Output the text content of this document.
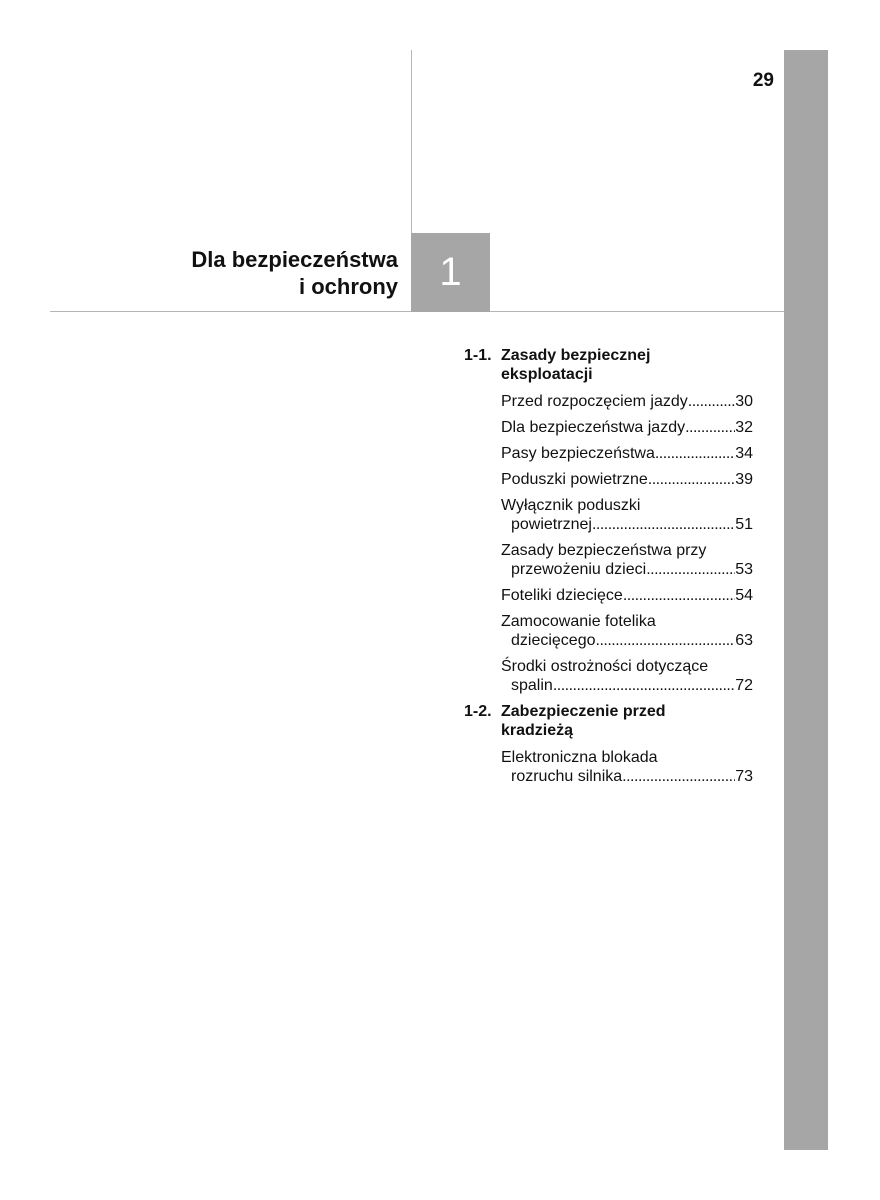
29
1
Dla bezpieczeństwa
i ochrony
1-1. Zasady bezpiecznej
eksploatacji
Przed rozpoczęciem jazdy .....	30
Dla bezpieczeństwa jazdy .....	32
Pasy bezpieczeństwa .....	34
Poduszki powietrzne .....	39
Wyłącznik poduszki
powietrznej .....	51
Zasady bezpieczeństwa przy
przewożeniu dzieci .....	53
Foteliki dziecięce .....	54
Zamocowanie fotelika
dziecięcego .....	63
Środki ostrożności dotyczące
spalin .....	72
1-2. Zabezpieczenie przed
kradzieżą
Elektroniczna blokada
rozruchu silnika .....	73
